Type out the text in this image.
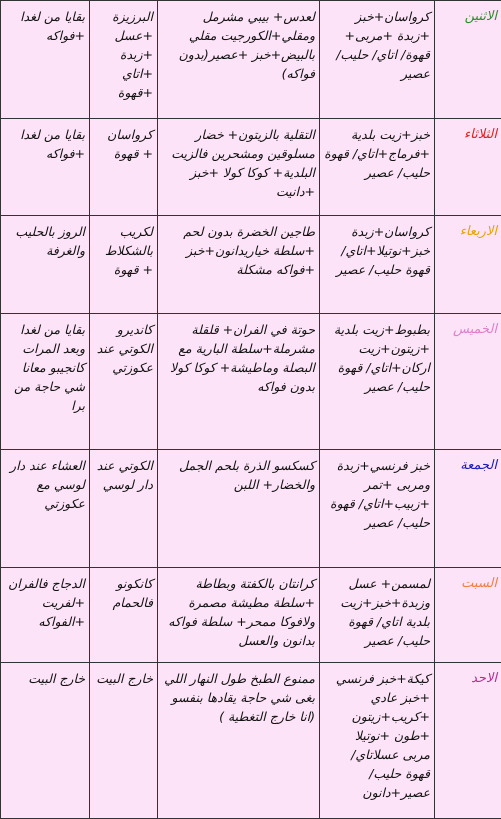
الاثنين	كرواسان+خبز +زبدة +مربى+ قهوة/ اتاي/ حليب/عصير	لعدس+ بيبي مشرمل ومقلي+الكورجيت مقلي بالبيض+خبز +عصير(بدون فواكه)	البرزيزة +عسل +زبدة +اتاي +قهوة	بقايا من لغدا +فواكه
الثلاثاء	خبز+زيت بلدية +فرماج+اتاي/ قهوة حليب/ عصير	التقلية بالزيتون+ خضار مسلوقين ومشحرين فالزيت البلدية+ كوكا كولا +خبز +دانيت	كرواسان + قهوة	بقايا من لغدا +فواكه
الاربعاء	كرواسان+زبدة خبز+نوتيلا+اتاي/ قهوة حليب/ عصير	طاجين الخضرة بدون لحم +سلطة خياريدانون+خبز +فواكه مشكلة	لكريب بالشكلاط + قهوة	الروز بالحليب والغرفة
الخميس	بطبوط+زيت بلدية +زيتون+زيت اركان+اتاي/ قهوة حليب/ عصير	حوتة في الفران+ قلقلة مشرملة+سلطة البارية مع البصلة وماطيشة+ كوكا كولا بدون فواكه	كانديرو الكوتي عند عكوزتي	بقايا من لغدا وبعد المرات كانجيبو معانا شي حاجة من برا
الجمعة	خبز فرنسي+زبدة ومربى +تمر +زبيب+اتاي/ قهوة حليب/ عصير	كسكسو الذرة بلحم الجمل والخضار+ اللبن	الكوتي عند دار لوسي	العشاء عند دار لوسي مع عكوزتي
السبت	لمسمن+ عسل وزبدة+خبز+زيت بلدية اتاي/ قهوة حليب/ عصير	كرانتان بالكفتة وبطاطة +سلطة مطيشة مصمرة ولافوكا ممحر+ سلطة فواكه بدانون والعسل	كانكونو فالحمام	الدجاج فالفران +لفريت +الفواكه
الاحد	كيكة+خبز فرنسي +خبز عادي +كريب+زيتون +طون +نوتيلا مربى عسلاتاي/ قهوة حليب/ عصير+دانون	ممنوع الطبخ طول النهار اللي بغى شي حاجة يقادها بنفسو (انا خارج التغطية )	خارج البيت	خارج البيت
